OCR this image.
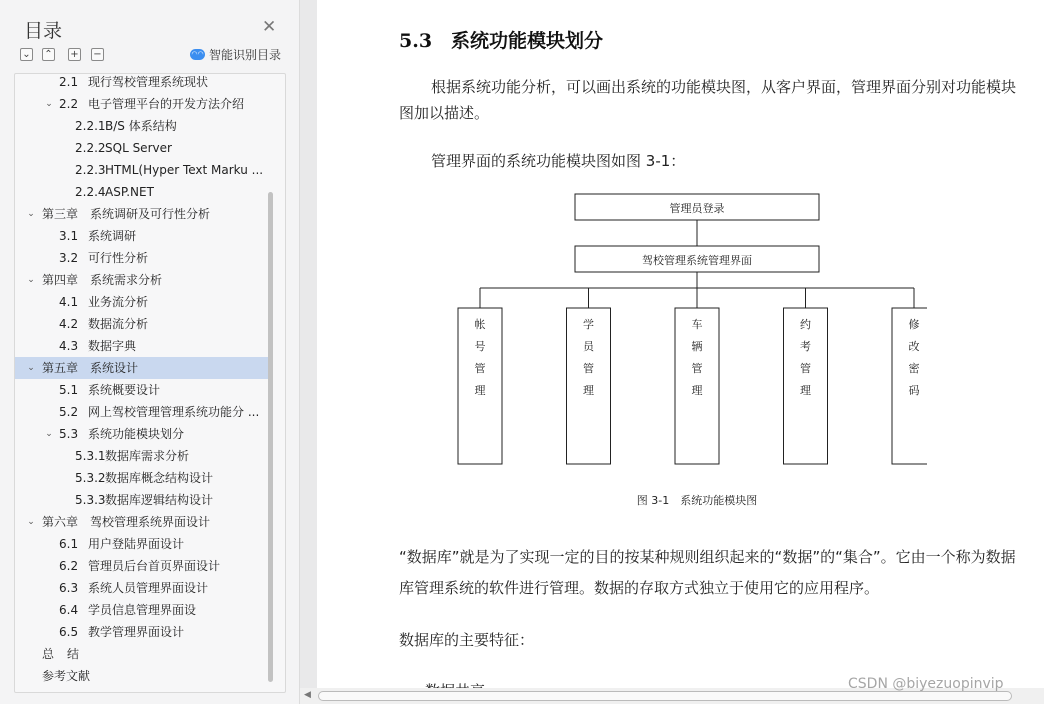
目录	✕
⌄ ⌃ + −	◠◠ 智能识别目录
2.1 现行驾校管理系统现状
⌄ 2.2 电子管理平台的开发方法介绍
2.2.1 B/S 体系结构
2.2.2 SQL Server
2.2.3 HTML(Hyper Text Marku ...
2.2.4 ASP.NET
⌄ 第三章 系统调研及可行性分析
3.1 系统调研
3.2 可行性分析
⌄ 第四章 系统需求分析
4.1 业务流分析
4.2 数据流分析
4.3 数据字典
⌄ 第五章 系统设计
5.1 系统概要设计
5.2 网上驾校管理管理系统功能分 ...
⌄ 5.3 系统功能模块划分
5.3.1 数据库需求分析
5.3.2 数据库概念结构设计
5.3.3 数据库逻辑结构设计
⌄ 第六章 驾校管理系统界面设计
6.1 用户登陆界面设计
6.2 管理员后台首页界面设计
6.3 系统人员管理界面设计
6.4 学员信息管理界面设
6.5 教学管理界面设计
总 结
参考文献
5.3　系统功能模块划分
根据系统功能分析，可以画出系统的功能模块图，从客户界面，管理界面分别对功能模块图加以描述。
管理界面的系统功能模块图如图 3-1：
管理员登录
驾校管理系统管理界面
帐号管理
学员管理
车辆管理
约考管理
修改密码
图 3-1　系统功能模块图
“数据库”就是为了实现一定的目的按某种规则组织起来的“数据”的“集合”。它由一个称为数据库管理系统的软件进行管理。数据的存取方式独立于使用它的应用程序。
数据库的主要特征：
◀
CSDN @biyezuopinvip
